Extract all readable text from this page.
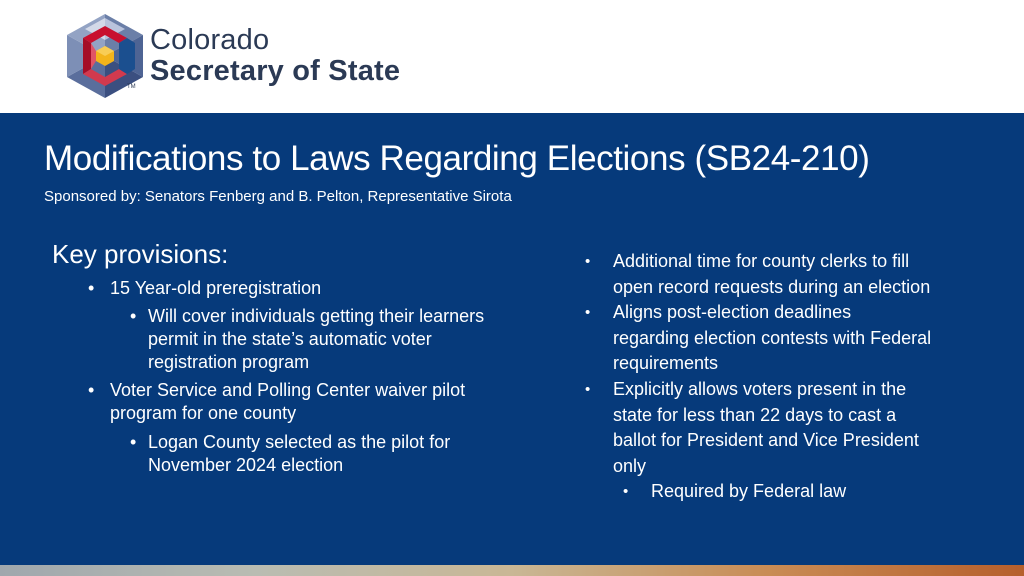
TM
Colorado
Secretary of State
Modifications to Laws Regarding Elections (SB24-210)
Sponsored by: Senators Fenberg and B. Pelton, Representative Sirota
Key provisions:
• 15 Year-old preregistration
• Will cover individuals getting their learners
permit in the state’s automatic voter
registration program
• Voter Service and Polling Center waiver pilot
program for one county
• Logan County selected as the pilot for
November 2024 election
• Additional time for county clerks to fill
open record requests during an election
• Aligns post-election deadlines
regarding election contests with Federal
requirements
• Explicitly allows voters present in the
state for less than 22 days to cast a
ballot for President and Vice President
only
• Required by Federal law
